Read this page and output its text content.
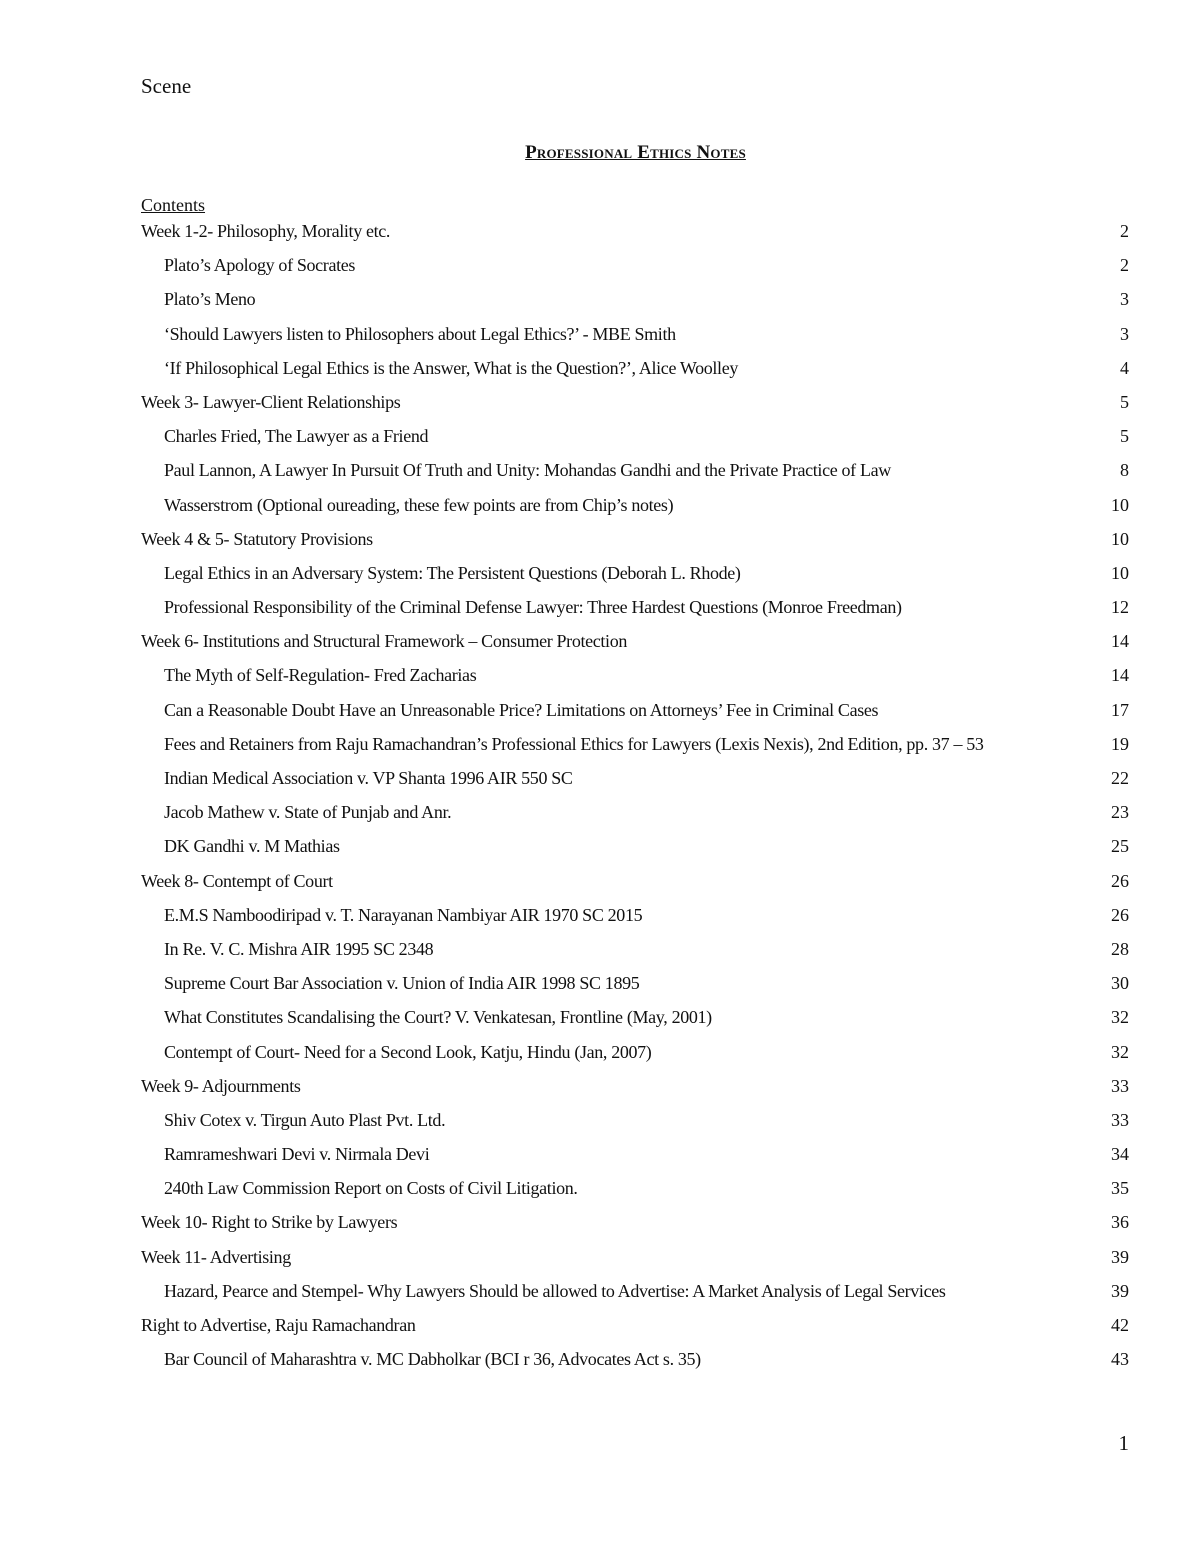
Scene
Professional Ethics Notes
Contents
Week 1-2- Philosophy, Morality etc.	2
Plato’s Apology of Socrates	2
Plato’s Meno	3
‘Should Lawyers listen to Philosophers about Legal Ethics?’ - MBE Smith	3
‘If Philosophical Legal Ethics is the Answer, What is the Question?’, Alice Woolley	4
Week 3- Lawyer-Client Relationships	5
Charles Fried, The Lawyer as a Friend	5
Paul Lannon, A Lawyer In Pursuit Of Truth and Unity: Mohandas Gandhi and the Private Practice of Law	8
Wasserstrom (Optional oureading, these few points are from Chip’s notes)	10
Week 4 & 5- Statutory Provisions	10
Legal Ethics in an Adversary System: The Persistent Questions (Deborah L. Rhode)	10
Professional Responsibility of the Criminal Defense Lawyer: Three Hardest Questions (Monroe Freedman)	12
Week 6- Institutions and Structural Framework – Consumer Protection	14
The Myth of Self-Regulation- Fred Zacharias	14
Can a Reasonable Doubt Have an Unreasonable Price? Limitations on Attorneys’ Fee in Criminal Cases	17
Fees and Retainers from Raju Ramachandran’s Professional Ethics for Lawyers (Lexis Nexis), 2nd Edition, pp. 37 – 53	19
Indian Medical Association v. VP Shanta 1996 AIR 550 SC	22
Jacob Mathew v. State of Punjab and Anr.	23
DK Gandhi v. M Mathias	25
Week 8- Contempt of Court	26
E.M.S Namboodiripad v. T. Narayanan Nambiyar AIR 1970 SC 2015	26
In Re. V. C. Mishra AIR 1995 SC 2348	28
Supreme Court Bar Association v. Union of India AIR 1998 SC 1895	30
What Constitutes Scandalising the Court? V. Venkatesan, Frontline (May, 2001)	32
Contempt of Court- Need for a Second Look, Katju, Hindu (Jan, 2007)	32
Week 9- Adjournments	33
Shiv Cotex v. Tirgun Auto Plast Pvt. Ltd.	33
Ramrameshwari Devi v. Nirmala Devi	34
240th Law Commission Report on Costs of Civil Litigation.	35
Week 10- Right to Strike by Lawyers	36
Week 11- Advertising	39
Hazard, Pearce and Stempel- Why Lawyers Should be allowed to Advertise: A Market Analysis of Legal Services	39
Right to Advertise, Raju Ramachandran	42
Bar Council of Maharashtra v. MC Dabholkar (BCI r 36, Advocates Act s. 35)	43
1
